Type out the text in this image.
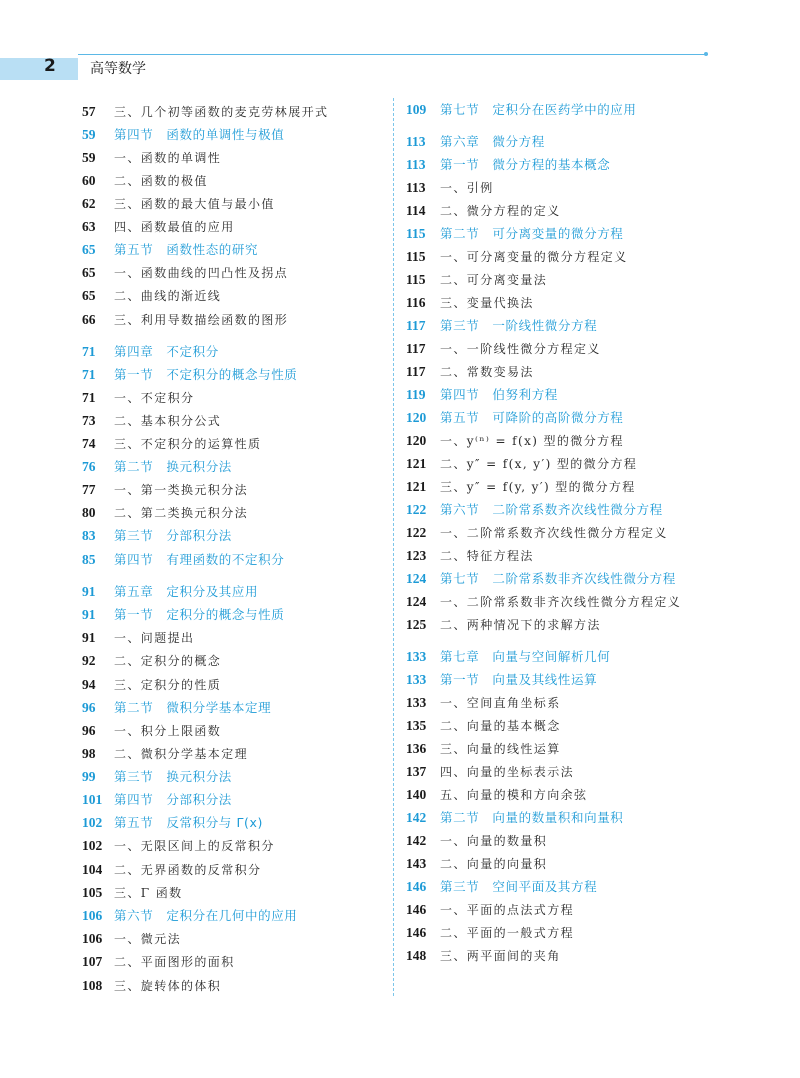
2 高等数学
57 三、几个初等函数的麦克劳林展开式
59 第四节　函数的单调性与极值
59 一、函数的单调性
60 二、函数的极值
62 三、函数的最大值与最小值
63 四、函数最值的应用
65 第五节　函数性态的研究
65 一、函数曲线的凹凸性及拐点
65 二、曲线的渐近线
66 三、利用导数描绘函数的图形
71 第四章　不定积分
71 第一节　不定积分的概念与性质
71 一、不定积分
73 二、基本积分公式
74 三、不定积分的运算性质
76 第二节　换元积分法
77 一、第一类换元积分法
80 二、第二类换元积分法
83 第三节　分部积分法
85 第四节　有理函数的不定积分
91 第五章　定积分及其应用
91 第一节　定积分的概念与性质
91 一、问题提出
92 二、定积分的概念
94 三、定积分的性质
96 第二节　微积分学基本定理
96 一、积分上限函数
98 二、微积分学基本定理
99 第三节　换元积分法
101 第四节　分部积分法
102 第五节　反常积分与 Γ(x)
102 一、无限区间上的反常积分
104 二、无界函数的反常积分
105 三、Γ 函数
106 第六节　定积分在几何中的应用
106 一、微元法
107 二、平面图形的面积
108 三、旋转体的体积
109 第七节　定积分在医药学中的应用
113 第六章　微分方程
113 第一节　微分方程的基本概念
113 一、引例
114 二、微分方程的定义
115 第二节　可分离变量的微分方程
115 一、可分离变量的微分方程定义
115 二、可分离变量法
116 三、变量代换法
117 第三节　一阶线性微分方程
117 一、一阶线性微分方程定义
117 二、常数变易法
119 第四节　伯努利方程
120 第五节　可降阶的高阶微分方程
120 一、y⁽ⁿ⁾ = f(x) 型的微分方程
121 二、y″ = f(x, y′) 型的微分方程
121 三、y″ = f(y, y′) 型的微分方程
122 第六节　二阶常系数齐次线性微分方程
122 一、二阶常系数齐次线性微分方程定义
123 二、特征方程法
124 第七节　二阶常系数非齐次线性微分方程
124 一、二阶常系数非齐次线性微分方程定义
125 二、两种情况下的求解方法
133 第七章　向量与空间解析几何
133 第一节　向量及其线性运算
133 一、空间直角坐标系
135 二、向量的基本概念
136 三、向量的线性运算
137 四、向量的坐标表示法
140 五、向量的模和方向余弦
142 第二节　向量的数量积和向量积
142 一、向量的数量积
143 二、向量的向量积
146 第三节　空间平面及其方程
146 一、平面的点法式方程
146 二、平面的一般式方程
148 三、两平面间的夹角
